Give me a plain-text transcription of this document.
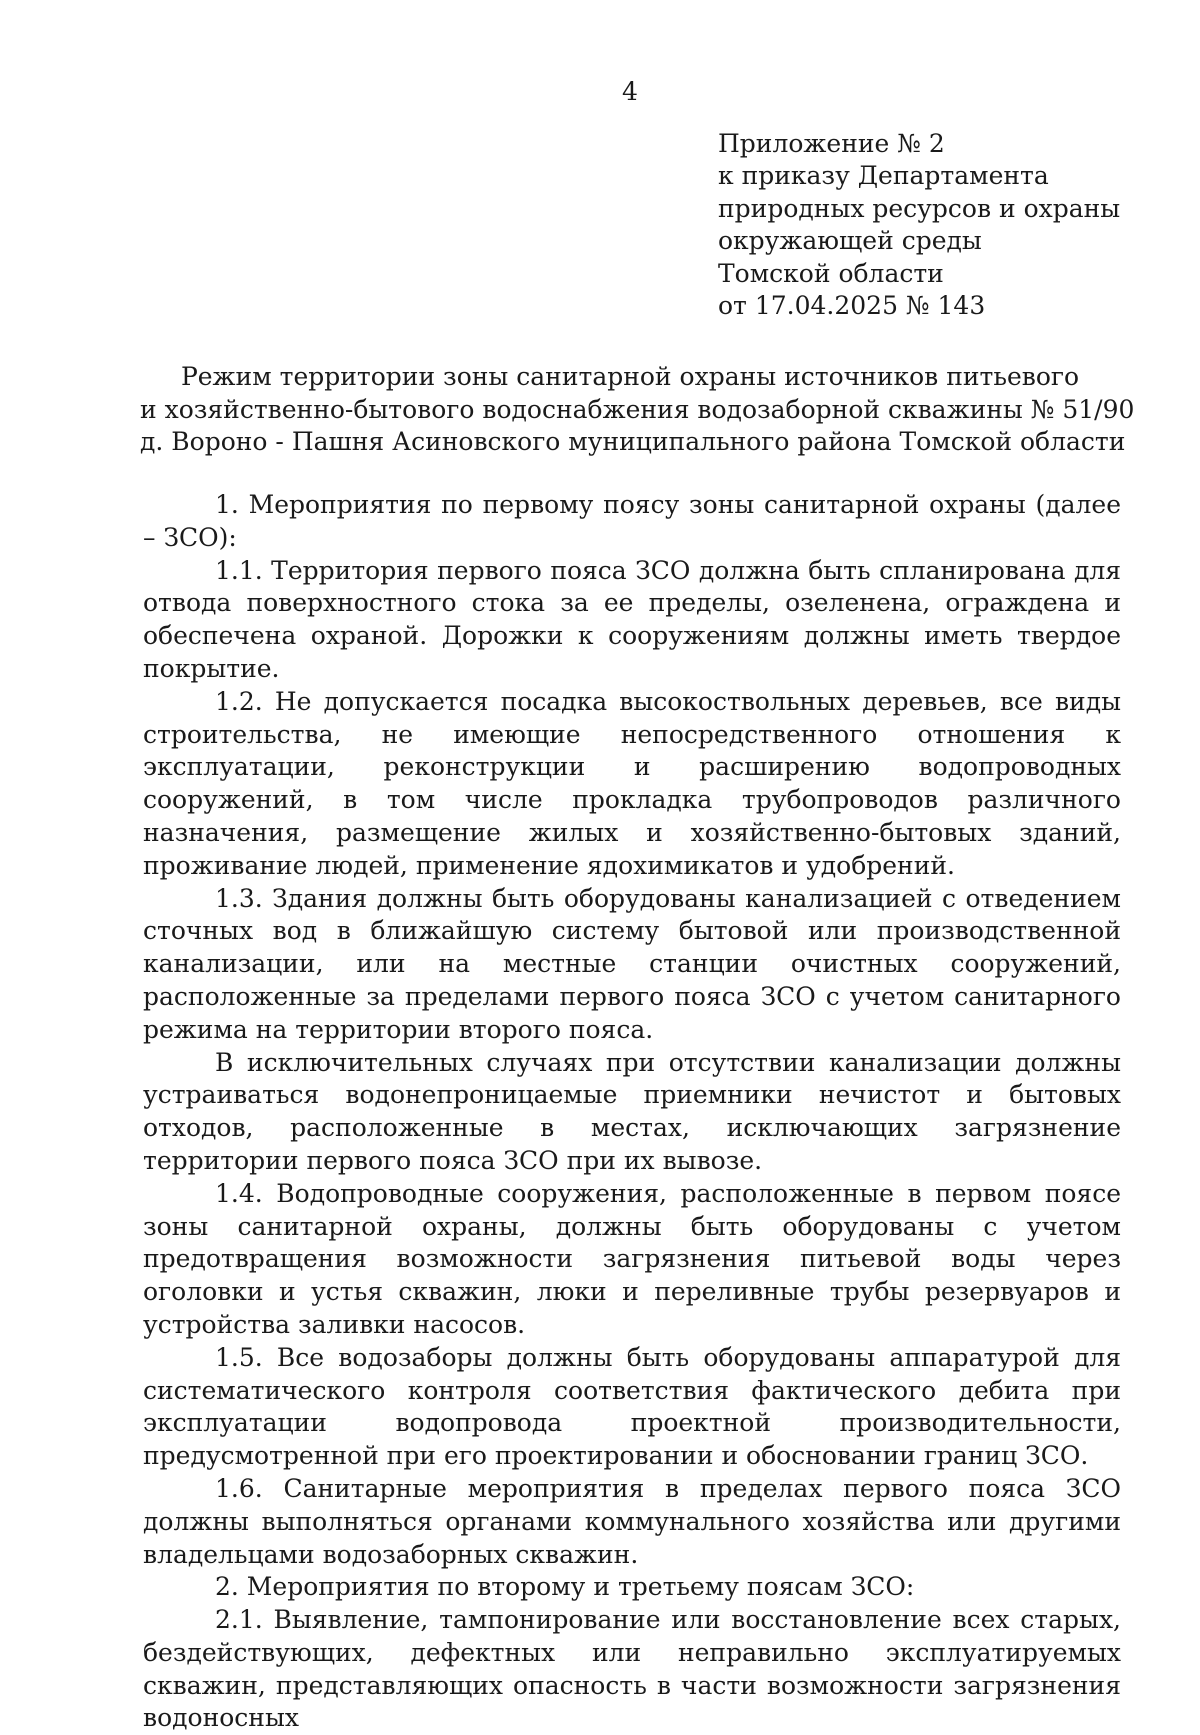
4
Приложение № 2
к приказу Департамента
природных ресурсов и охраны
окружающей среды
Томской области
от 17.04.2025 № 143
Режим территории зоны санитарной охраны источников питьевого
и хозяйственно-бытового водоснабжения водозаборной скважины № 51/90
д. Вороно - Пашня Асиновского муниципального района Томской области

1. Мероприятия по первому поясу зоны санитарной охраны (далее – ЗСО):

1.1. Территория первого пояса ЗСО должна быть спланирована для отвода поверхностного стока за ее пределы, озеленена, ограждена и обеспечена охраной. Дорожки к сооружениям должны иметь твердое покрытие.

1.2. Не допускается посадка высокоствольных деревьев, все виды строительства, не имеющие непосредственного отношения к эксплуатации, реконструкции и расширению водопроводных сооружений, в том числе прокладка трубопроводов различного назначения, размещение жилых и хозяйственно-бытовых зданий, проживание людей, применение ядохимикатов и удобрений.

1.3. Здания должны быть оборудованы канализацией с отведением сточных вод в ближайшую систему бытовой или производственной канализации, или на местные станции очистных сооружений, расположенные за пределами первого пояса ЗСО с учетом санитарного режима на территории второго пояса.

В исключительных случаях при отсутствии канализации должны устраиваться водонепроницаемые приемники нечистот и бытовых отходов, расположенные в местах, исключающих загрязнение территории первого пояса ЗСО при их вывозе.

1.4. Водопроводные сооружения, расположенные в первом поясе зоны санитарной охраны, должны быть оборудованы с учетом предотвращения возможности загрязнения питьевой воды через оголовки и устья скважин, люки и переливные трубы резервуаров и устройства заливки насосов.

1.5. Все водозаборы должны быть оборудованы аппаратурой для систематического контроля соответствия фактического дебита при эксплуатации водопровода проектной производительности, предусмотренной при его проектировании и обосновании границ ЗСО.

1.6. Санитарные мероприятия в пределах первого пояса ЗСО должны выполняться органами коммунального хозяйства или другими владельцами водозаборных скважин.

2. Мероприятия по второму и третьему поясам ЗСО:

2.1. Выявление, тампонирование или восстановление всех старых, бездействующих, дефектных или неправильно эксплуатируемых скважин, представляющих опасность в части возможности загрязнения водоносных
